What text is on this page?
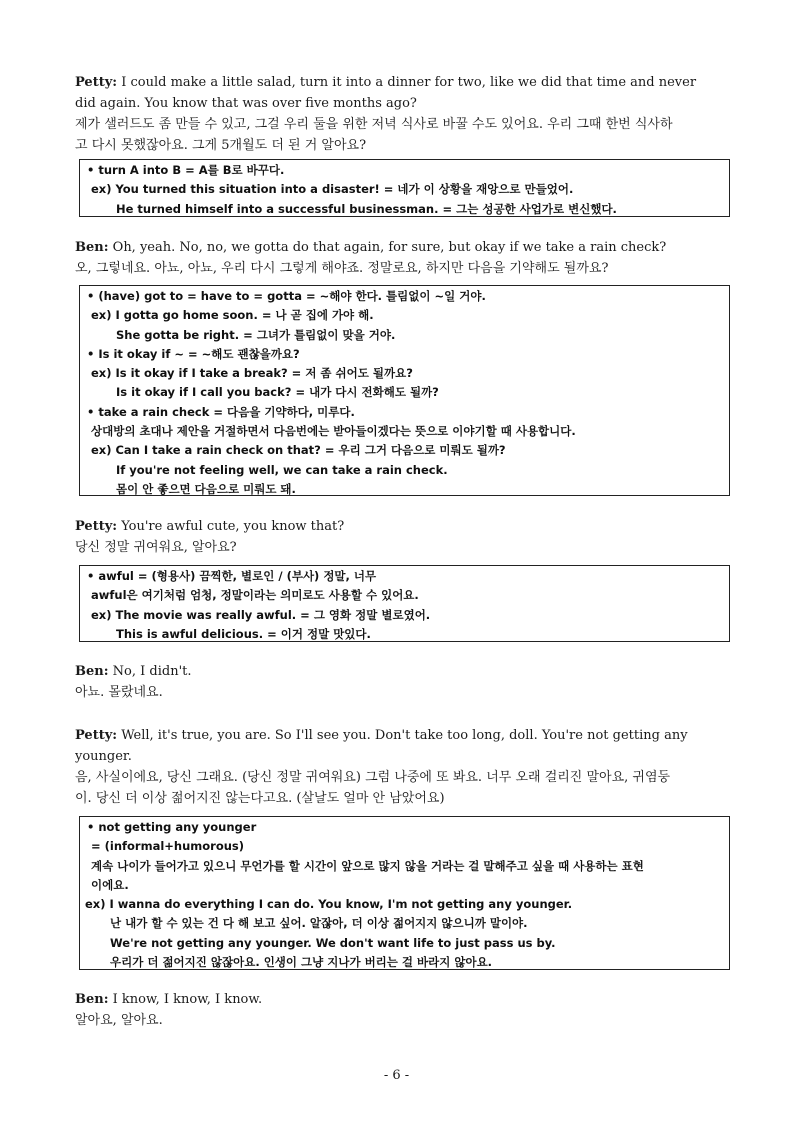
Petty: I could make a little salad, turn it into a dinner for two, like we did that time and never
did again. You know that was over five months ago?
제가 샐러드도 좀 만들 수 있고, 그걸 우리 둘을 위한 저녁 식사로 바꿀 수도 있어요. 우리 그때 한번 식사하
고 다시 못했잖아요. 그게 5개월도 더 된 거 알아요?
• turn A into B = A를 B로 바꾸다.
ex) You turned this situation into a disaster! = 네가 이 상황을 재앙으로 만들었어.
He turned himself into a successful businessman. = 그는 성공한 사업가로 변신했다.
Ben: Oh, yeah. No, no, we gotta do that again, for sure, but okay if we take a rain check?
오, 그렇네요. 아뇨, 아뇨, 우리 다시 그렇게 해야죠. 정말로요, 하지만 다음을 기약해도 될까요?
• (have) got to = have to = gotta = ~해야 한다. 틀림없이 ~일 거야.
ex) I gotta go home soon. = 나 곧 집에 가야 해.
She gotta be right. = 그녀가 틀림없이 맞을 거야.
• Is it okay if ~ = ~해도 괜찮을까요?
ex) Is it okay if I take a break? = 저 좀 쉬어도 될까요?
Is it okay if I call you back? = 내가 다시 전화해도 될까?
• take a rain check = 다음을 기약하다, 미루다.
상대방의 초대나 제안을 거절하면서 다음번에는 받아들이겠다는 뜻으로 이야기할 때 사용합니다.
ex) Can I take a rain check on that? = 우리 그거 다음으로 미뤄도 될까?
If you're not feeling well, we can take a rain check.
몸이 안 좋으면 다음으로 미뤄도 돼.
Petty: You're awful cute, you know that?
당신 정말 귀여워요, 알아요?
• awful = (형용사) 끔찍한, 별로인 / (부사) 정말, 너무
awful은 여기처럼 엄청, 정말이라는 의미로도 사용할 수 있어요.
ex) The movie was really awful. = 그 영화 정말 별로였어.
This is awful delicious. = 이거 정말 맛있다.
Ben: No, I didn't.
아뇨. 몰랐네요.
Petty: Well, it's true, you are. So I'll see you. Don't take too long, doll. You're not getting any
younger.
음, 사실이에요, 당신 그래요. (당신 정말 귀여워요) 그럼 나중에 또 봐요. 너무 오래 걸리진 말아요, 귀염둥
이. 당신 더 이상 젊어지진 않는다고요. (살날도 얼마 안 남았어요)
• not getting any younger
= (informal+humorous)
계속 나이가 들어가고 있으니 무언가를 할 시간이 앞으로 많지 않을 거라는 걸 말해주고 싶을 때 사용하는 표현
이에요.
ex) I wanna do everything I can do. You know, I'm not getting any younger.
난 내가 할 수 있는 건 다 해 보고 싶어. 알잖아, 더 이상 젊어지지 않으니까 말이야.
We're not getting any younger. We don't want life to just pass us by.
우리가 더 젊어지진 않잖아요. 인생이 그냥 지나가 버리는 걸 바라지 않아요.
Ben: I know, I know, I know.
알아요, 알아요.
- 6 -
